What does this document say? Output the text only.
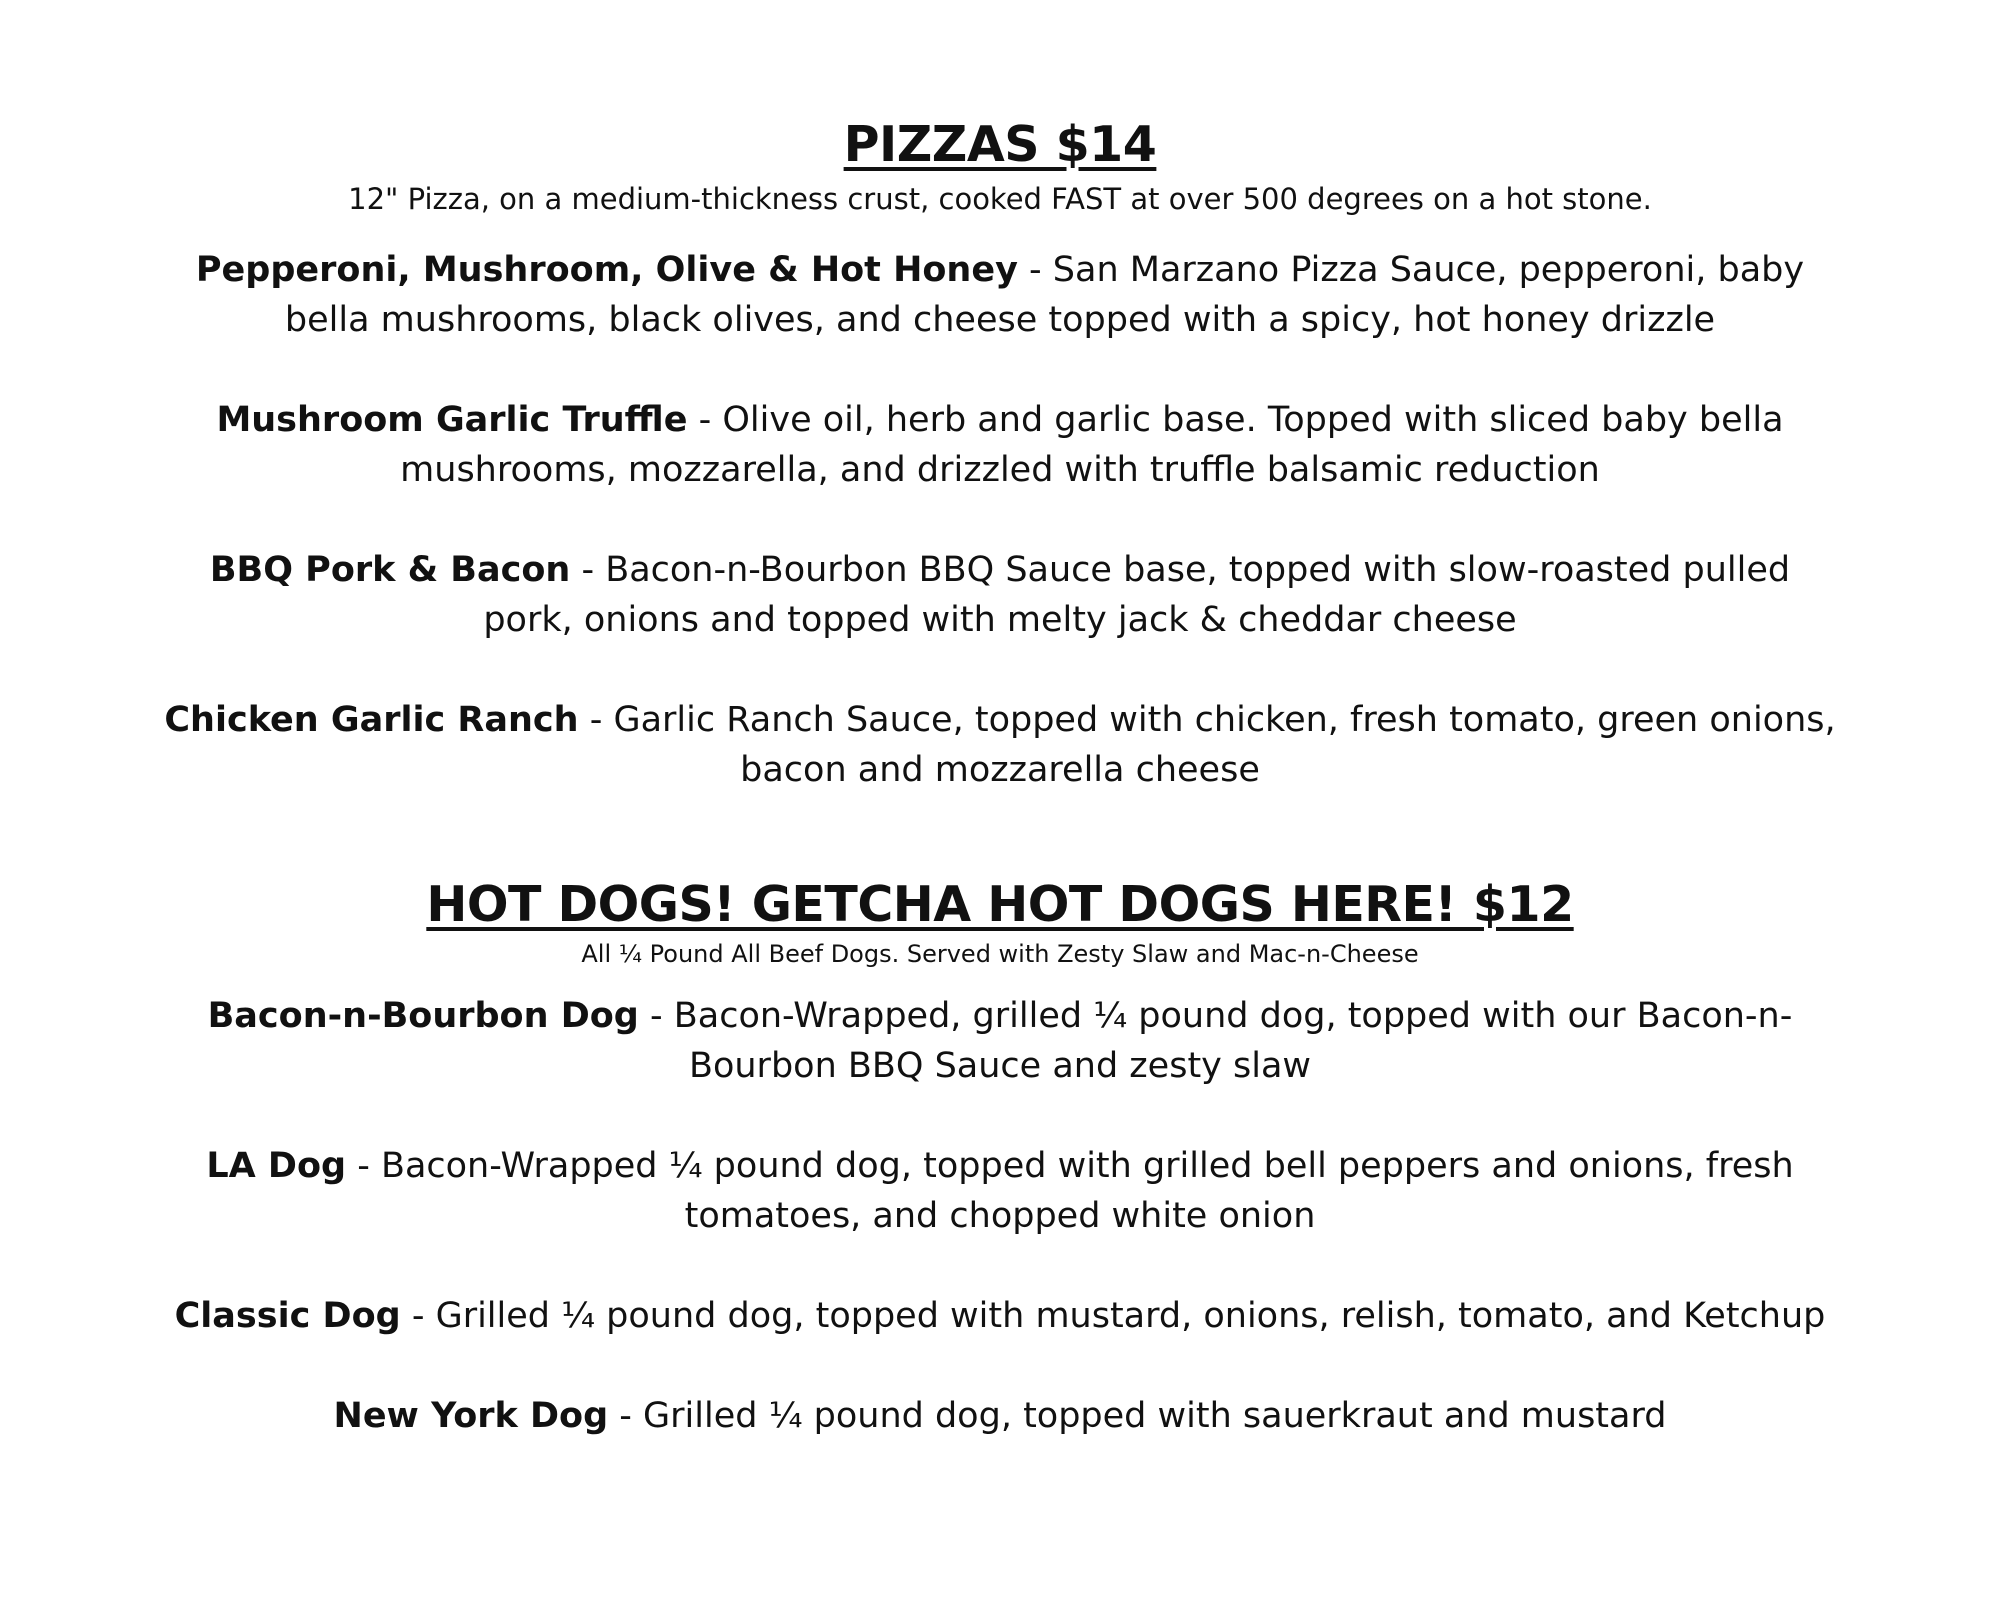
PIZZAS $14

12" Pizza, on a medium-thickness crust, cooked FAST at over 500 degrees on a hot stone.

Pepperoni, Mushroom, Olive & Hot Honey - San Marzano Pizza Sauce, pepperoni, baby bella mushrooms, black olives, and cheese topped with a spicy, hot honey drizzle
Mushroom Garlic Truffle - Olive oil, herb and garlic base. Topped with sliced baby bella mushrooms, mozzarella, and drizzled with truffle balsamic reduction
BBQ Pork & Bacon - Bacon-n-Bourbon BBQ Sauce base, topped with slow-roasted pulled pork, onions and topped with melty jack & cheddar cheese
Chicken Garlic Ranch - Garlic Ranch Sauce, topped with chicken, fresh tomato, green onions, bacon and mozzarella cheese
HOT DOGS! GETCHA HOT DOGS HERE! $12

All ¼ Pound All Beef Dogs. Served with Zesty Slaw and Mac-n-Cheese

Bacon-n-Bourbon Dog - Bacon-Wrapped, grilled ¼ pound dog, topped with our Bacon-n-Bourbon BBQ Sauce and zesty slaw
LA Dog - Bacon-Wrapped ¼ pound dog, topped with grilled bell peppers and onions, fresh tomatoes, and chopped white onion
Classic Dog - Grilled ¼ pound dog, topped with mustard, onions, relish, tomato, and Ketchup
New York Dog - Grilled ¼ pound dog, topped with sauerkraut and mustard
